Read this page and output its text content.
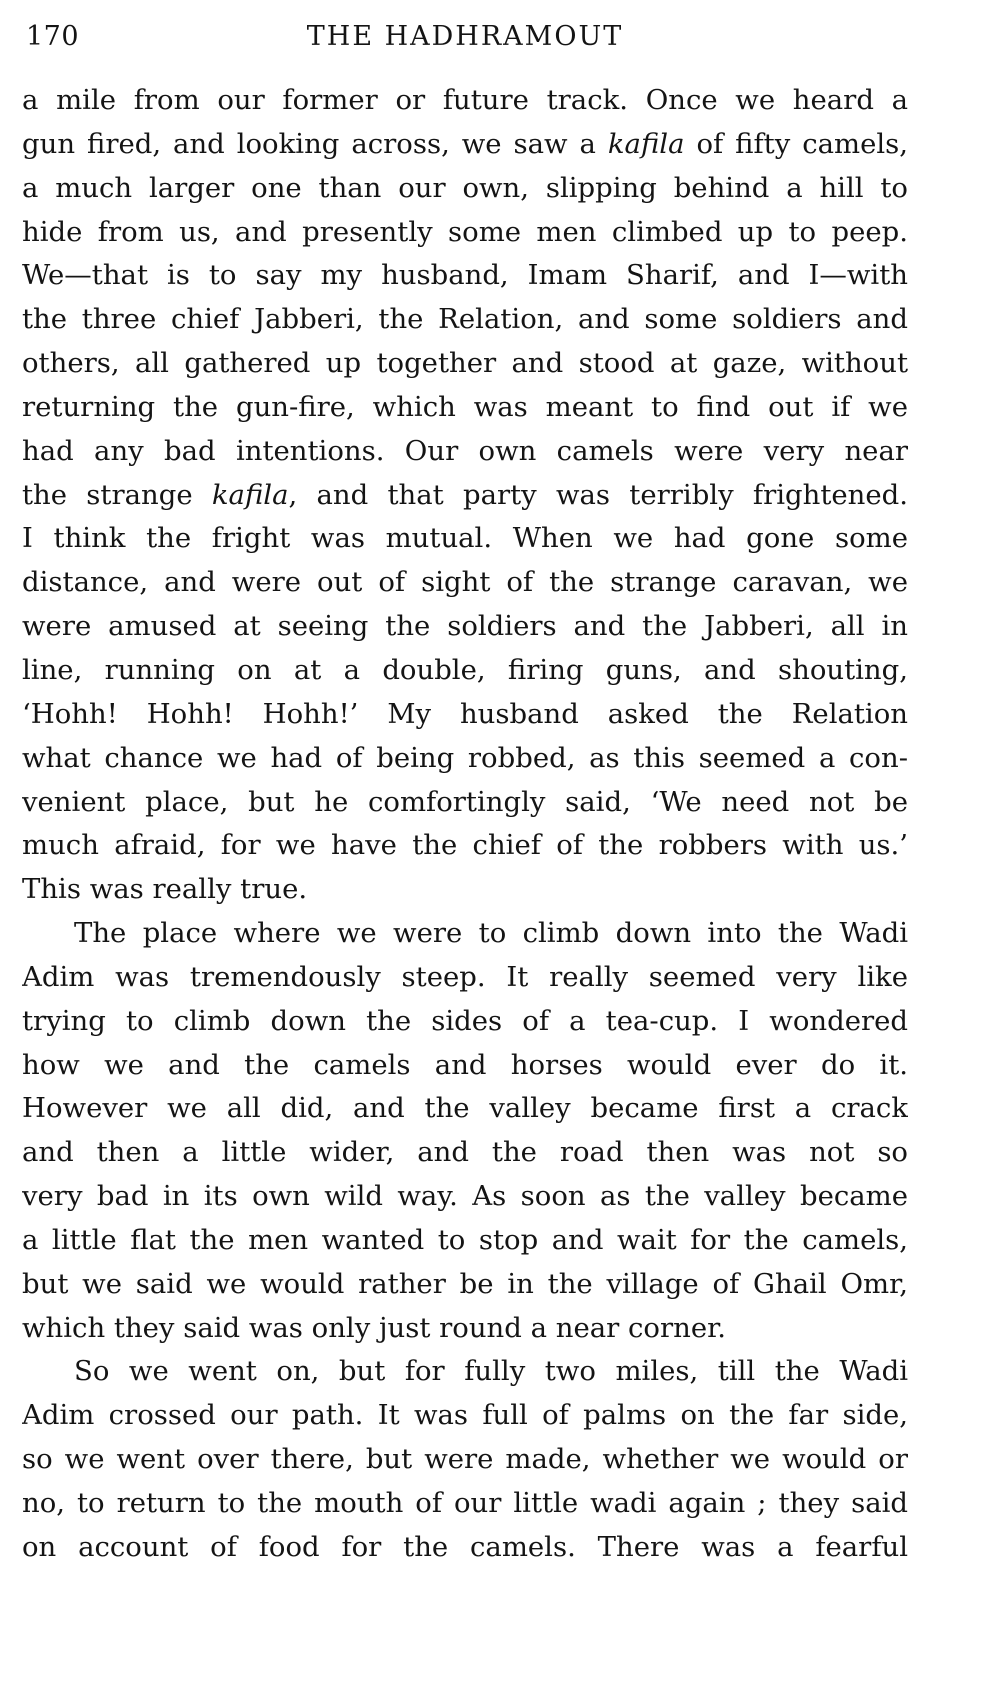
170	THE HADHRAMOUT
a mile from our former or future track. Once we heard a
gun fired, and looking across, we saw a kafila of fifty camels,
a much larger one than our own, slipping behind a hill to
hide from us, and presently some men climbed up to peep.
We—that is to say my husband, Imam Sharif, and I—with
the three chief Jabberi, the Relation, and some soldiers and
others, all gathered up together and stood at gaze, without
returning the gun-fire, which was meant to find out if we
had any bad intentions. Our own camels were very near
the strange kafila, and that party was terribly frightened.
I think the fright was mutual. When we had gone some
distance, and were out of sight of the strange caravan, we
were amused at seeing the soldiers and the Jabberi, all in
line, running on at a double, firing guns, and shouting,
‘Hohh! Hohh! Hohh!’ My husband asked the Relation
what chance we had of being robbed, as this seemed a con-
venient place, but he comfortingly said, ‘We need not be
much afraid, for we have the chief of the robbers with us.’
This was really true.
The place where we were to climb down into the Wadi
Adim was tremendously steep. It really seemed very like
trying to climb down the sides of a tea-cup. I wondered
how we and the camels and horses would ever do it.
However we all did, and the valley became first a crack
and then a little wider, and the road then was not so
very bad in its own wild way. As soon as the valley became
a little flat the men wanted to stop and wait for the camels,
but we said we would rather be in the village of Ghail Omr,
which they said was only just round a near corner.
So we went on, but for fully two miles, till the Wadi
Adim crossed our path. It was full of palms on the far side,
so we went over there, but were made, whether we would or
no, to return to the mouth of our little wadi again ; they said
on account of food for the camels. There was a fearful
